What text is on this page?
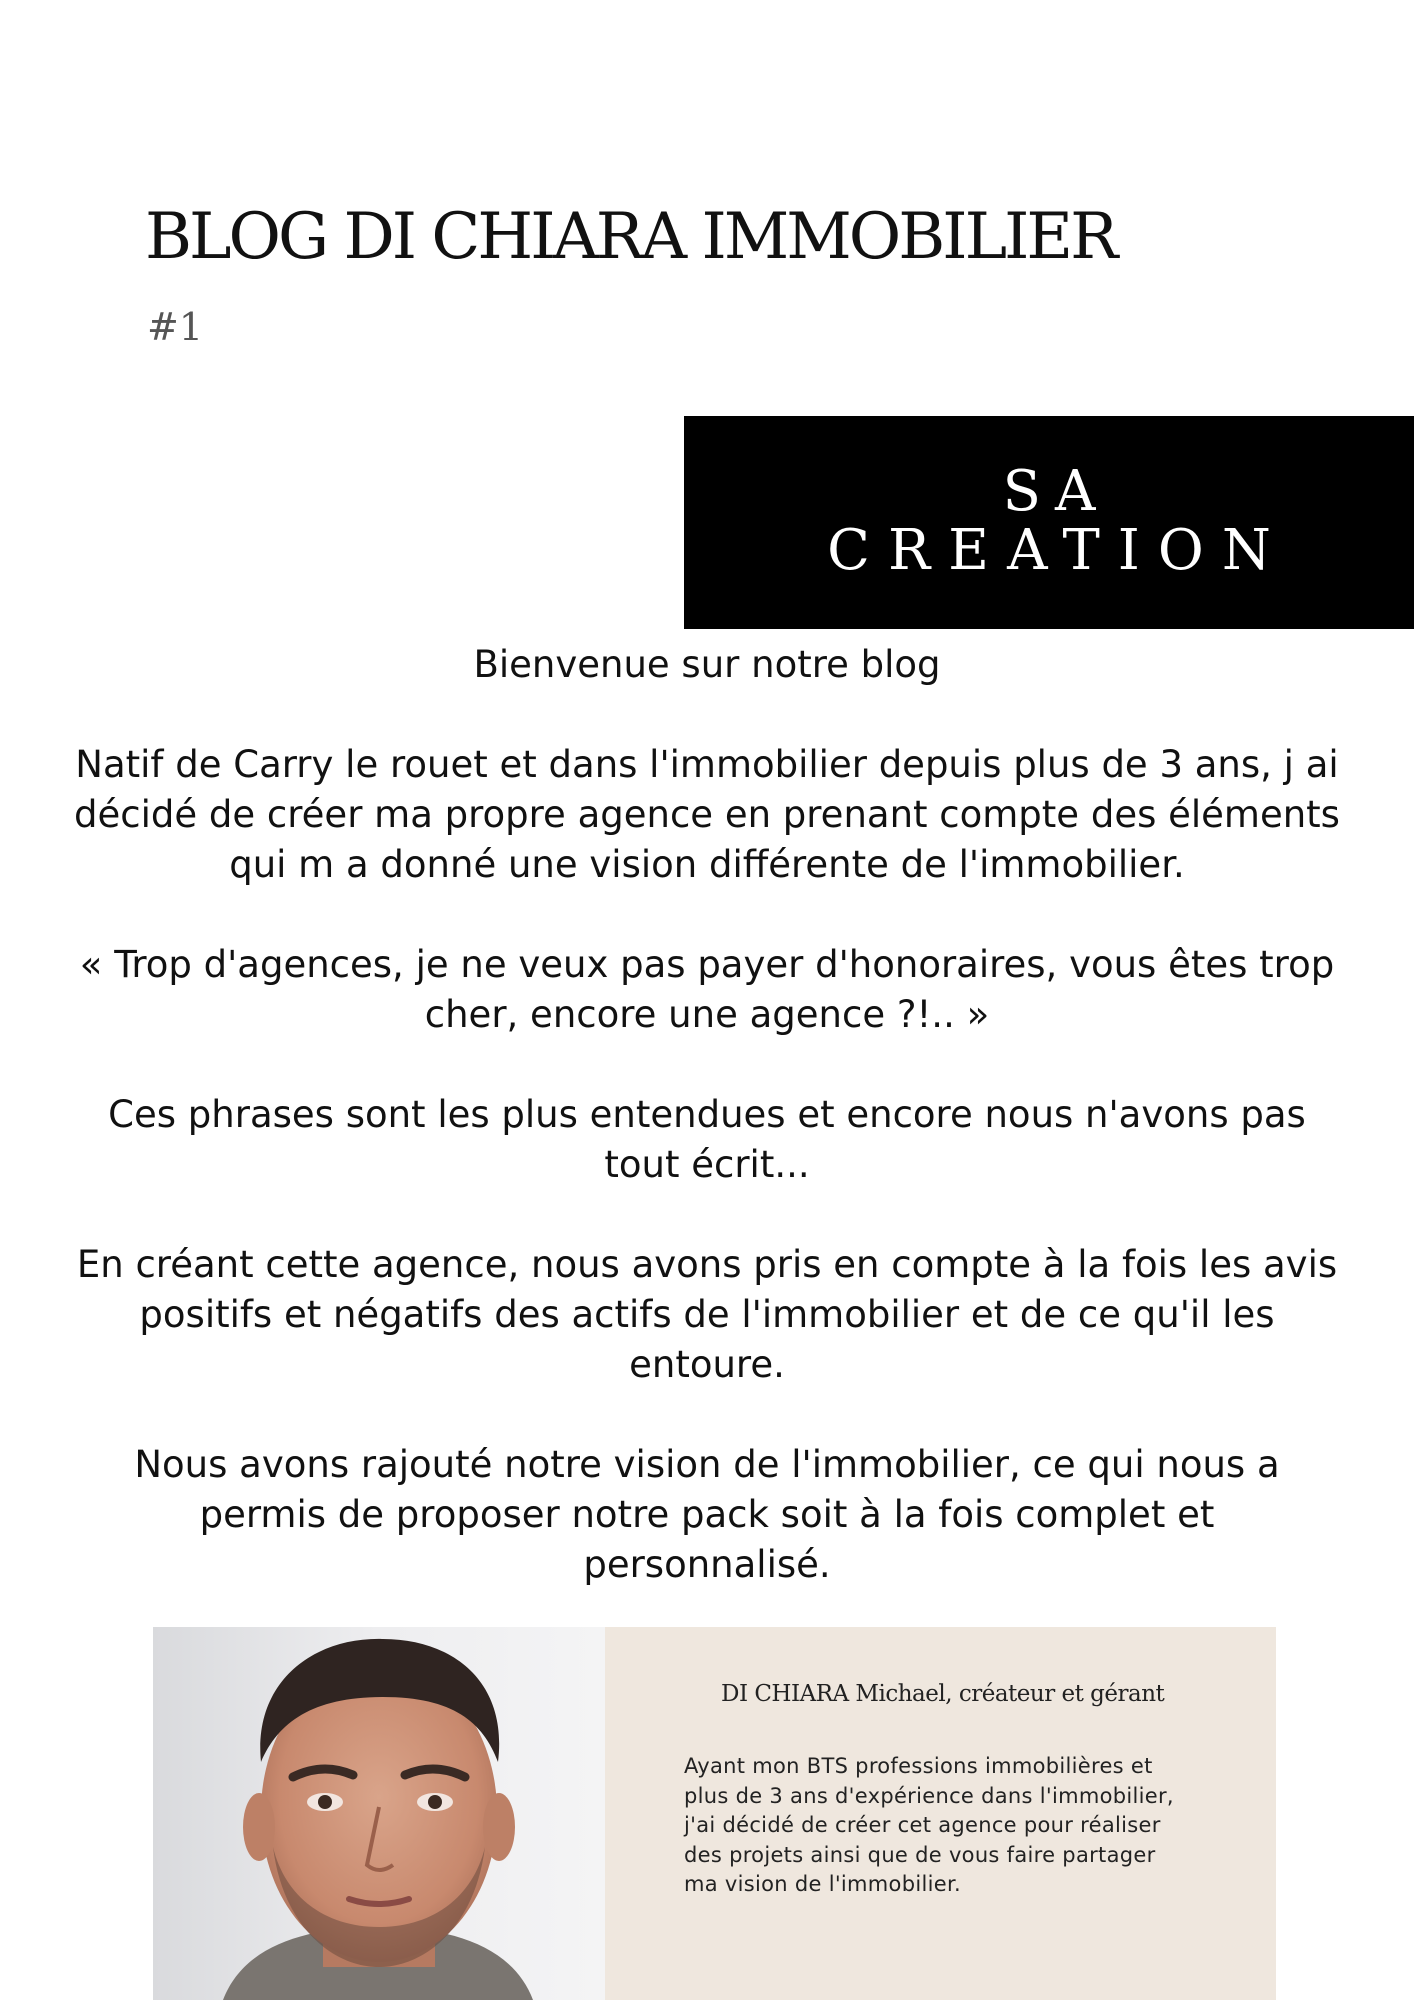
BLOG DI CHIARA IMMOBILIER
#1
SA
CREATION

Bienvenue sur notre blog

Natif de Carry le rouet et dans l'immobilier depuis plus de 3 ans, j ai
décidé de créer ma propre agence en prenant compte des éléments
qui m a donné une vision différente de l'immobilier.

« Trop d'agences, je ne veux pas payer d'honoraires, vous êtes trop
cher, encore une agence ?!.. »

Ces phrases sont les plus entendues et encore nous n'avons pas
tout écrit...

En créant cette agence, nous avons pris en compte à la fois les avis
positifs et négatifs des actifs de l'immobilier et de ce qu'il les
entoure.

Nous avons rajouté notre vision de l'immobilier, ce qui nous a
permis de proposer notre pack soit à la fois complet et
personnalisé.

DI CHIARA Michael, créateur et gérant

Ayant mon BTS professions immobilières et
plus de 3 ans d'expérience dans l'immobilier,
j'ai décidé de créer cet agence pour réaliser
des projets ainsi que de vous faire partager
ma vision de l'immobilier.
